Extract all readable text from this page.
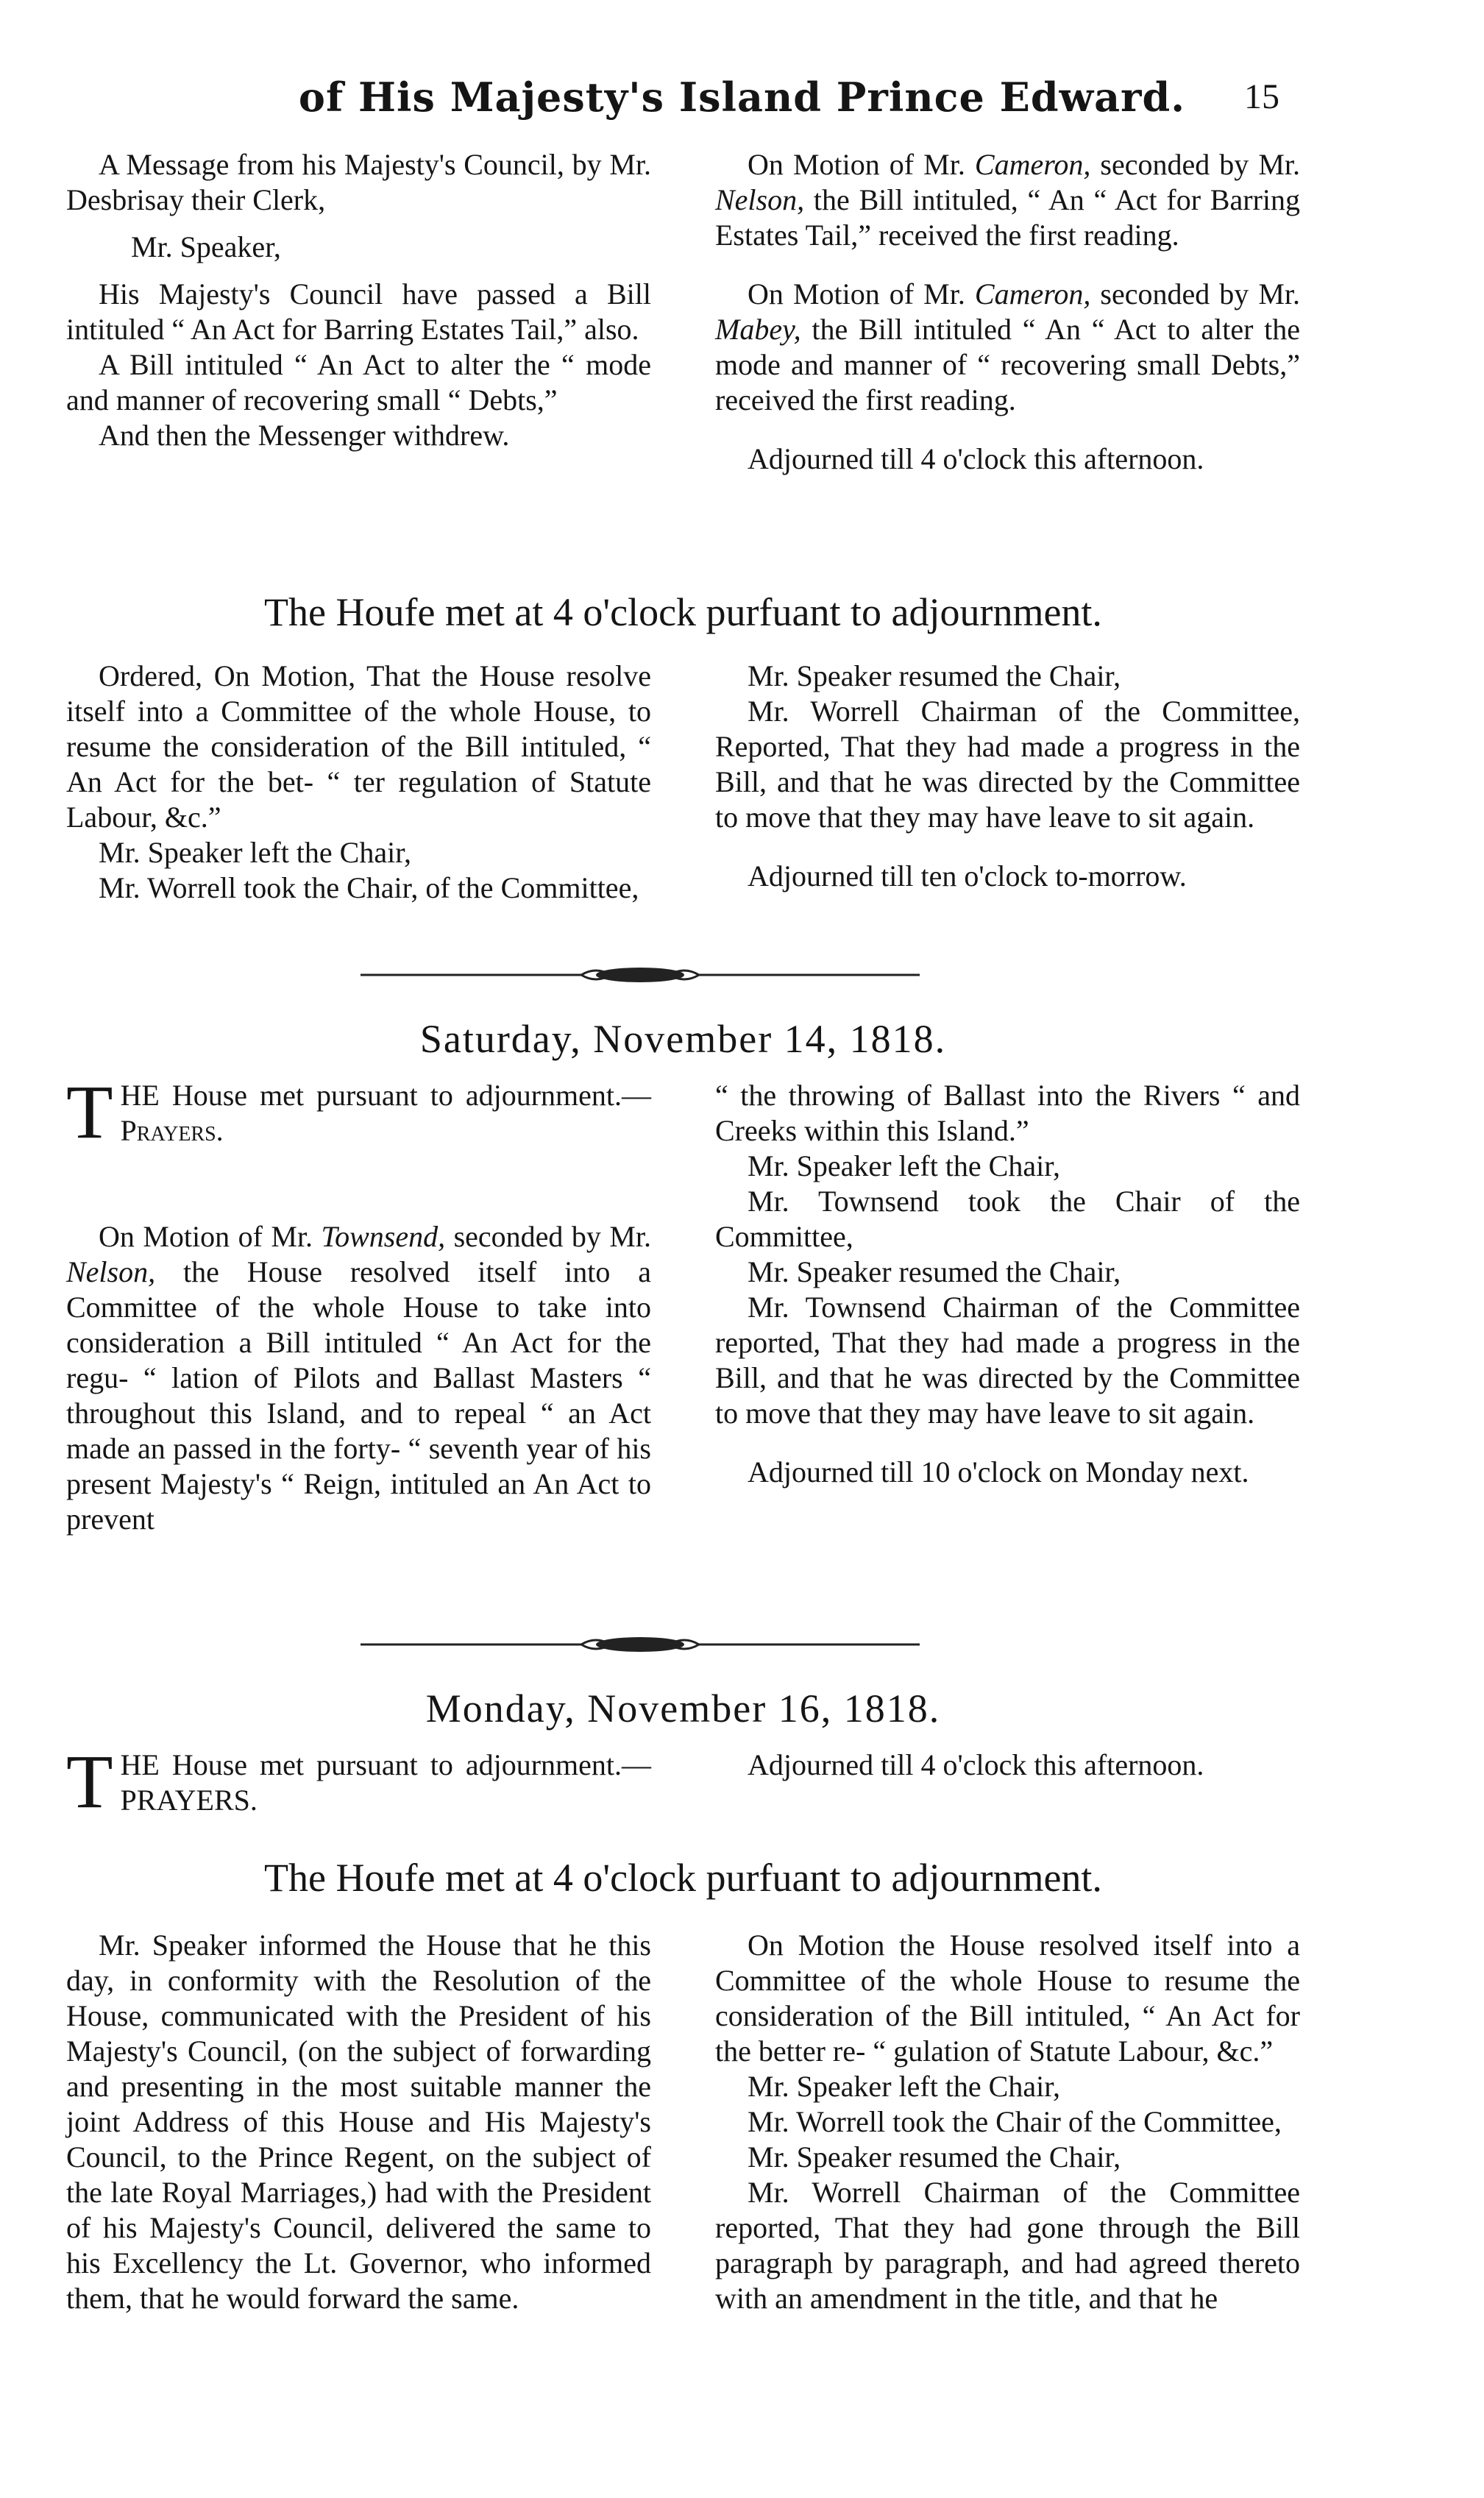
of His Majesty's Island Prince Edward.	15

A Message from his Majesty's Council, by Mr. Desbrisay their Clerk,

Mr. Speaker,

His Majesty's Council have passed a Bill intituled “ An Act for Barring Estates Tail,” also.

A Bill intituled “ An Act to alter the “ mode and manner of recovering small “ Debts,”

And then the Messenger withdrew.

On Motion of Mr. Cameron, seconded by Mr. Nelson, the Bill intituled, “ An “ Act for Barring Estates Tail,” received the first reading.

On Motion of Mr. Cameron, seconded by Mr. Mabey, the Bill intituled “ An “ Act to alter the mode and manner of “ recovering small Debts,” received the first reading.

Adjourned till 4 o'clock this afternoon.

The Houfe met at 4 o'clock purfuant to adjournment.

Ordered, On Motion, That the House resolve itself into a Committee of the whole House, to resume the consideration of the Bill intituled, “ An Act for the bet- “ ter regulation of Statute Labour, &c.”

Mr. Speaker left the Chair,

Mr. Worrell took the Chair, of the Committee,

Mr. Speaker resumed the Chair,

Mr. Worrell Chairman of the Committee, Reported, That they had made a progress in the Bill, and that he was directed by the Committee to move that they may have leave to sit again.

Adjourned till ten o'clock to-morrow.

Saturday, November 14, 1818.

T HE House met pursuant to adjournment.—Prayers.

On Motion of Mr. Townsend, seconded by Mr. Nelson, the House resolved itself into a Committee of the whole House to take into consideration a Bill intituled “ An Act for the regu- “ lation of Pilots and Ballast Masters “ throughout this Island, and to repeal “ an Act made an passed in the forty- “ seventh year of his present Majesty's “ Reign, intituled an An Act to prevent

“ the throwing of Ballast into the Rivers “ and Creeks within this Island.”

Mr. Speaker left the Chair,

Mr. Townsend took the Chair of the Committee,

Mr. Speaker resumed the Chair,

Mr. Townsend Chairman of the Committee reported, That they had made a progress in the Bill, and that he was directed by the Committee to move that they may have leave to sit again.

Adjourned till 10 o'clock on Monday next.

Monday, November 16, 1818.

T HE House met pursuant to adjournment.—PRAYERS.

Adjourned till 4 o'clock this afternoon.

The Houfe met at 4 o'clock purfuant to adjournment.

Mr. Speaker informed the House that he this day, in conformity with the Resolution of the House, communicated with the President of his Majesty's Council, (on the subject of forwarding and presenting in the most suitable manner the joint Address of this House and His Majesty's Council, to the Prince Regent, on the subject of the late Royal Marriages,) had with the President of his Majesty's Council, delivered the same to his Excellency the Lt. Governor, who informed them, that he would forward the same.

On Motion the House resolved itself into a Committee of the whole House to resume the consideration of the Bill intituled, “ An Act for the better re- “ gulation of Statute Labour, &c.”

Mr. Speaker left the Chair,

Mr. Worrell took the Chair of the Committee,

Mr. Speaker resumed the Chair,

Mr. Worrell Chairman of the Committee reported, That they had gone through the Bill paragraph by paragraph, and had agreed thereto with an amendment in the title, and that he
